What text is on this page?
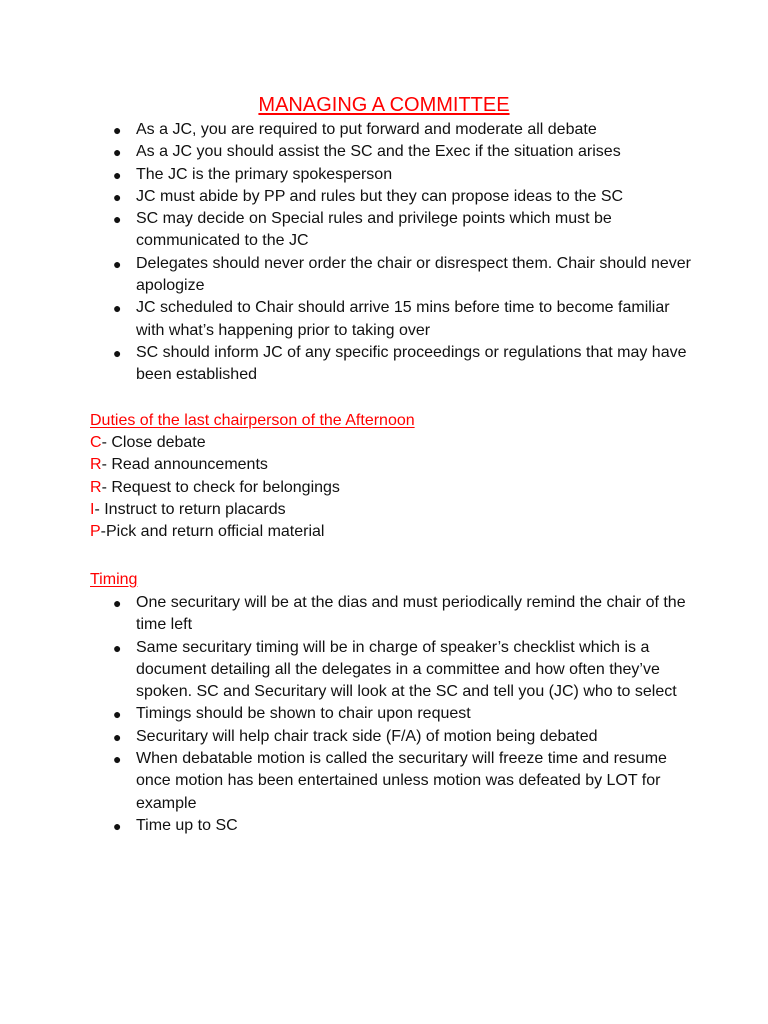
MANAGING A COMMITTEE
● As a JC, you are required to put forward and moderate all debate
● As a JC you should assist the SC and the Exec if the situation arises
● The JC is the primary spokesperson
● JC must abide by PP and rules but they can propose ideas to the SC
● SC may decide on Special rules and privilege points which must be communicated to the JC
● Delegates should never order the chair or disrespect them. Chair should never apologize
● JC scheduled to Chair should arrive 15 mins before time to become familiar with what’s happening prior to taking over
● SC should inform JC of any specific proceedings or regulations that may have been established
Duties of the last chairperson of the Afternoon
C- Close debate
R- Read announcements
R- Request to check for belongings
I- Instruct to return placards
P-Pick and return official material
Timing
● One securitary will be at the dias and must periodically remind the chair of the time left
● Same securitary timing will be in charge of speaker’s checklist which is a document detailing all the delegates in a committee and how often they’ve spoken. SC and Securitary will look at the SC and tell you (JC) who to select
● Timings should be shown to chair upon request
● Securitary will help chair track side (F/A) of motion being debated
● When debatable motion is called the securitary will freeze time and resume once motion has been entertained unless motion was defeated by LOT for example
● Time up to SC
